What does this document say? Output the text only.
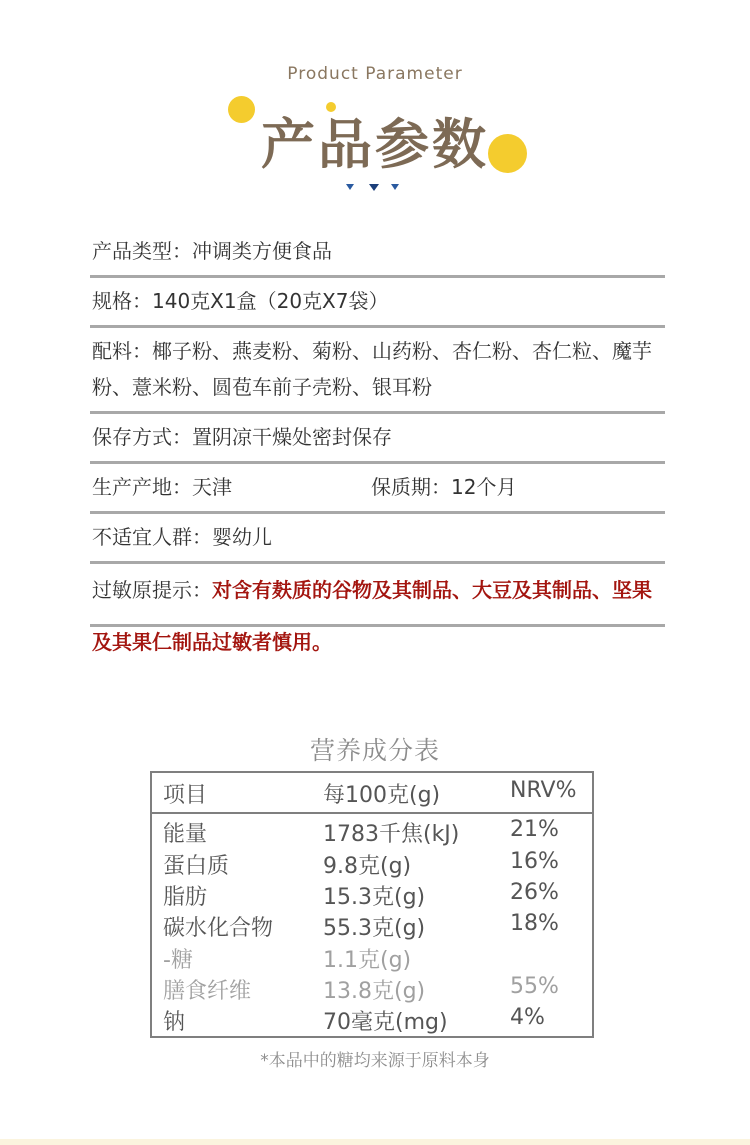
Product Parameter
产品参数
产品类型：冲调类方便食品
规格：140克X1盒（20克X7袋）
配料：椰子粉、燕麦粉、菊粉、山药粉、杏仁粉、杏仁粒、魔芋粉、薏米粉、圆苞车前子壳粉、银耳粉
保存方式：置阴凉干燥处密封保存
生产产地：天津	保质期：12个月
不适宜人群：婴幼儿
过敏原提示：对含有麸质的谷物及其制品、大豆及其制品、坚果及其果仁制品过敏者慎用。
营养成分表
项目	每100克(g)	NRV%
能量	1783千焦(kJ) 21%
蛋白质	9.8克(g)	16%
脂肪	15.3克(g)	26%
碳水化合物 55.3克(g)	18%
-糖	1.1克(g)
膳食纤维	13.8克(g)	55%
钠	70毫克(mg)	4%
*本品中的糖均来源于原料本身
